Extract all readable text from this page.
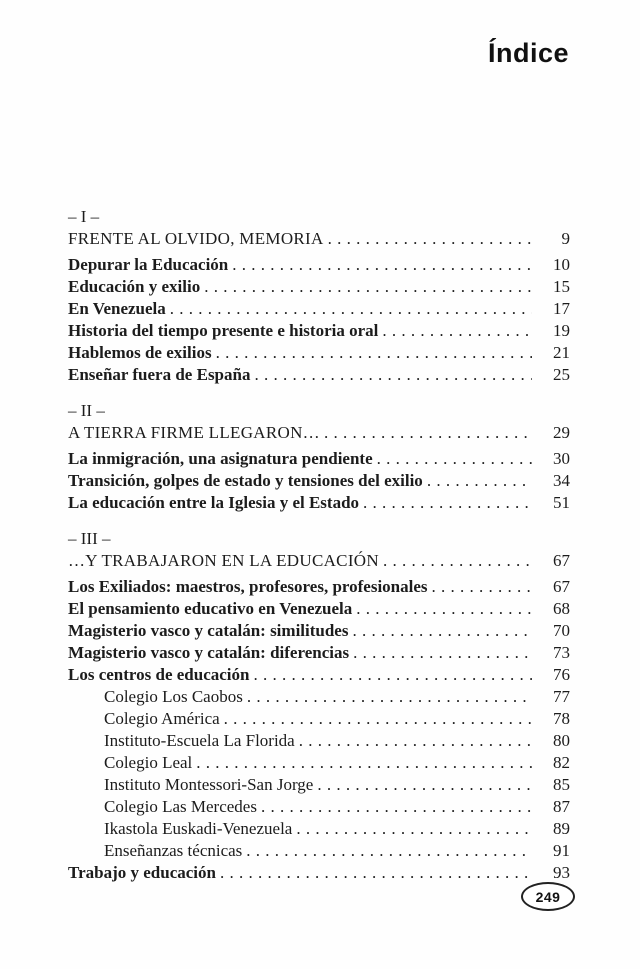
Índice
– I –
FRENTE AL OLVIDO, MEMORIA . . .	9
Depurar la Educación . . .	10
Educación y exilio . . .	15
En Venezuela . . .	17
Historia del tiempo presente e historia oral . . .	19
Hablemos de exilios . . .	21
Enseñar fuera de España . . .	25
– II –
A TIERRA FIRME LLEGARON… . . .	29
La inmigración, una asignatura pendiente . . .	30
Transición, golpes de estado y tensiones del exilio . . .	34
La educación entre la Iglesia y el Estado . . .	51
– III –
…Y TRABAJARON EN LA EDUCACIÓN . . .	67
Los Exiliados: maestros, profesores, profesionales . . .	67
El pensamiento educativo en Venezuela . . .	68
Magisterio vasco y catalán: similitudes . . .	70
Magisterio vasco y catalán: diferencias . . .	73
Los centros de educación . . .	76
Colegio Los Caobos . . .	77
Colegio América . . .	78
Instituto-Escuela La Florida . . .	80
Colegio Leal . . .	82
Instituto Montessori-San Jorge . . .	85
Colegio Las Mercedes . . .	87
Ikastola Euskadi-Venezuela . . .	89
Enseñanzas técnicas . . .	91
Trabajo y educación . . .	93
249
